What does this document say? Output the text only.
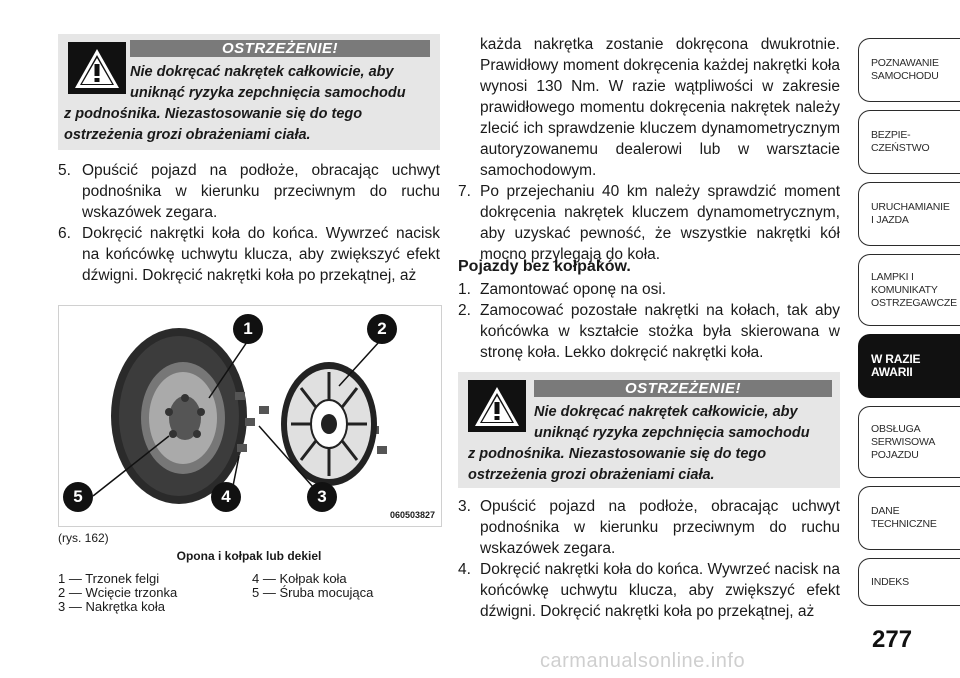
OSTRZEŻENIE!
Nie dokręcać nakrętek całkowicie, aby
uniknąć ryzyka zepchnięcia samochodu
z podnośnika. Niezastosowanie się do tego
ostrzeżenia grozi obrażeniami ciała.
5. Opuścić pojazd na podłoże, obracając uchwyt podnośnika w kierunku przeciwnym do ruchu wskazówek zegara.
6. Dokręcić nakrętki koła do końca. Wywrzeć nacisk na końcówkę uchwytu klucza, aby zwiększyć efekt dźwigni. Dokręcić nakrętki koła po przekątnej, aż
1	2
3
4
5
060503827
(rys. 162)
Opona i kołpak lub dekiel
1 — Trzonek felgi
2 — Wcięcie trzonka
3 — Nakrętka koła
4 — Kołpak koła
5 — Śruba mocująca
każda nakrętka zostanie dokręcona dwukrotnie. Prawidłowy moment dokręcenia każdej nakrętki koła wynosi 130 Nm. W razie wątpliwości w zakresie prawidłowego momentu dokręcenia nakrętek należy zlecić ich sprawdzenie kluczem dynamometrycznym autoryzowanemu dealerowi lub w warsztacie samochodowym.
7. Po przejechaniu 40 km należy sprawdzić moment dokręcenia nakrętek kluczem dynamometrycznym, aby uzyskać pewność, że wszystkie nakrętki kół mocno przylegają do koła.
Pojazdy bez kołpaków.
1. Zamontować oponę na osi.
2. Zamocować pozostałe nakrętki na kołach, tak aby końcówka w kształcie stożka była skierowana w stronę koła. Lekko dokręcić nakrętki koła.
OSTRZEŻENIE!
Nie dokręcać nakrętek całkowicie, aby
uniknąć ryzyka zepchnięcia samochodu
z podnośnika. Niezastosowanie się do tego
ostrzeżenia grozi obrażeniami ciała.
3. Opuścić pojazd na podłoże, obracając uchwyt podnośnika w kierunku przeciwnym do ruchu wskazówek zegara.
4. Dokręcić nakrętki koła do końca. Wywrzeć nacisk na końcówkę uchwytu klucza, aby zwiększyć efekt dźwigni. Dokręcić nakrętki koła po przekątnej, aż
POZNAWANIE SAMOCHODU
BEZPIE- CZEŃSTWO
URUCHAMIANIE I JAZDA
LAMPKI I KOMUNIKATY OSTRZEGAWCZE
W RAZIE AWARII
OBSŁUGA SERWISOWA POJAZDU
DANE TECHNICZNE
INDEKS
277
carmanualsonline.info
